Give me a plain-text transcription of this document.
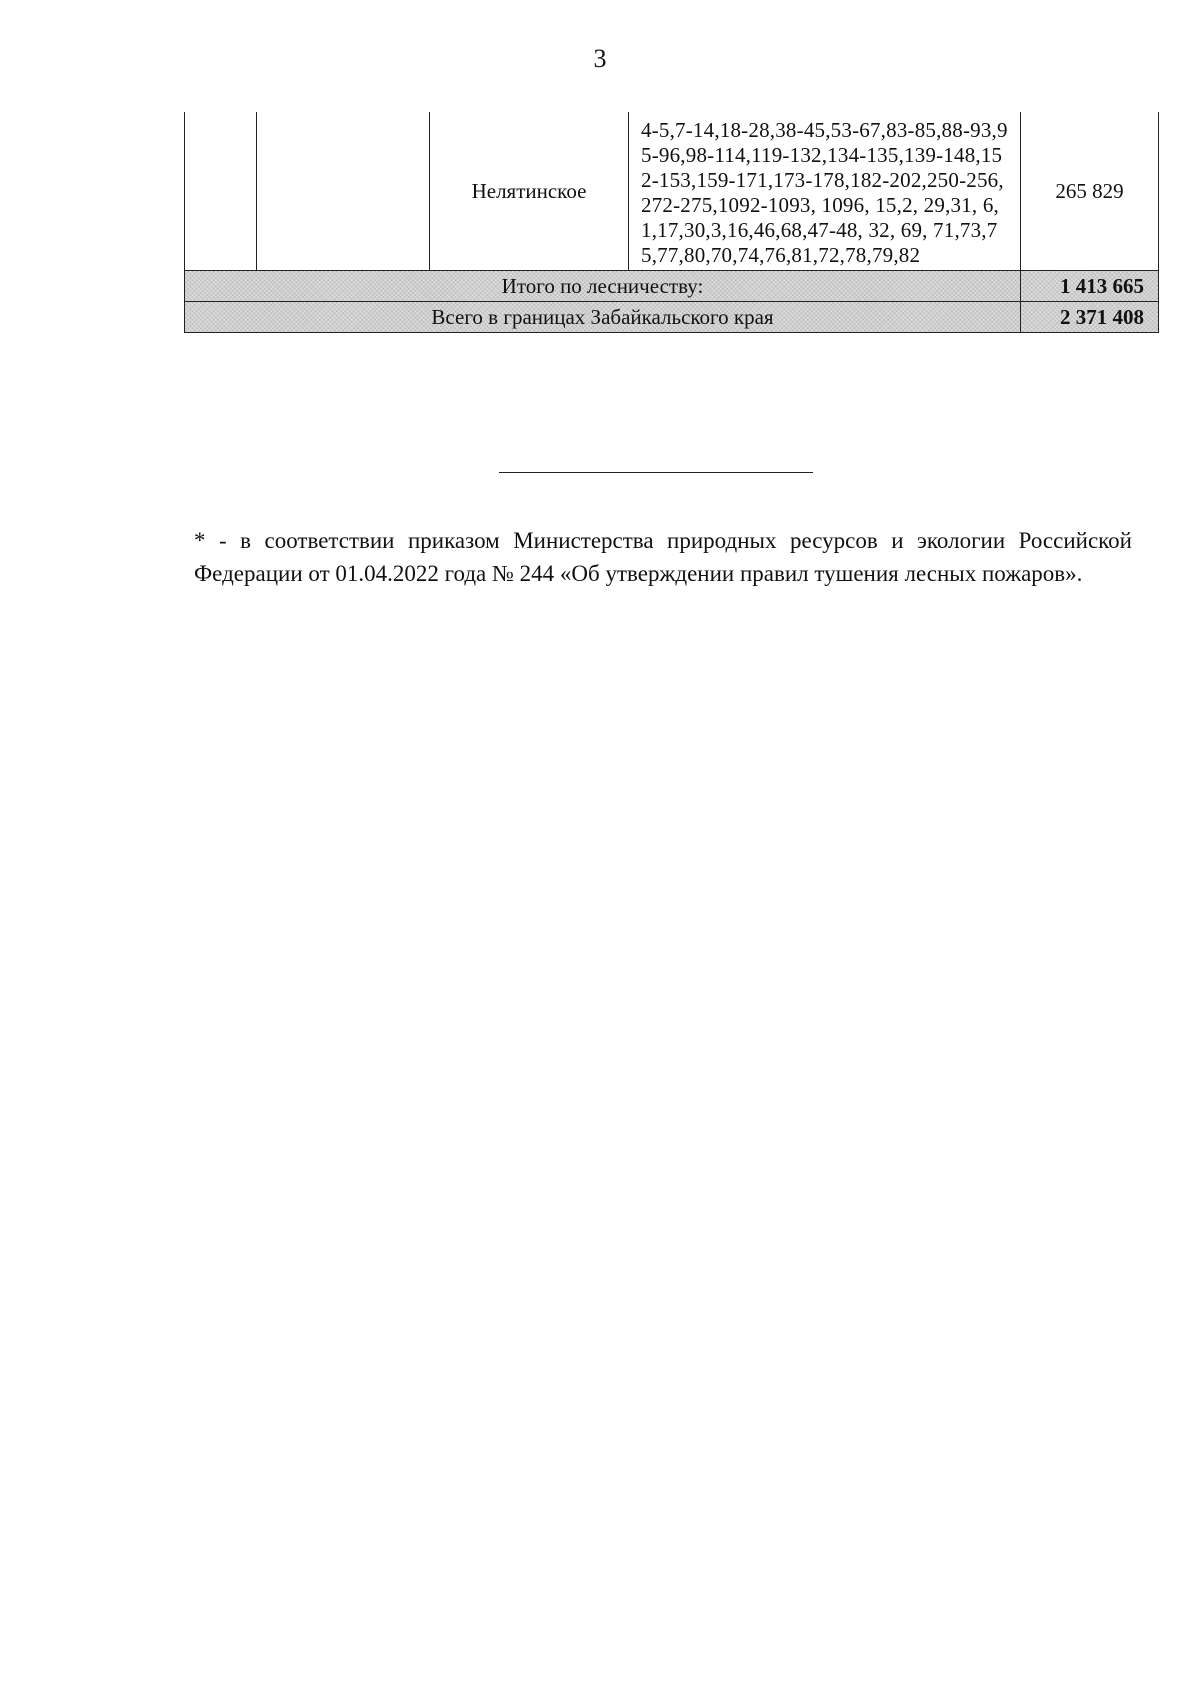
3
		Нелятинское	4-5,7-14,18-28,38-45,53-67,83-85,88-93,95-96,98-114,119-132,134-135,139-148,152-153,159-171,173-178,182-202,250-256,272-275,1092-1093, 1096, 15,2, 29,31, 6,1,17,30,3,16,46,68,47-48, 32, 69, 71,73,75,77,80,70,74,76,81,72,78,79,82	265 829
Итого по лесничеству:				1 413 665
Всего в границах Забайкальского края				2 371 408
* - в соответствии приказом Министерства природных ресурсов и экологии Российской Федерации от 01.04.2022 года № 244 «Об утверждении правил тушения лесных пожаров».
